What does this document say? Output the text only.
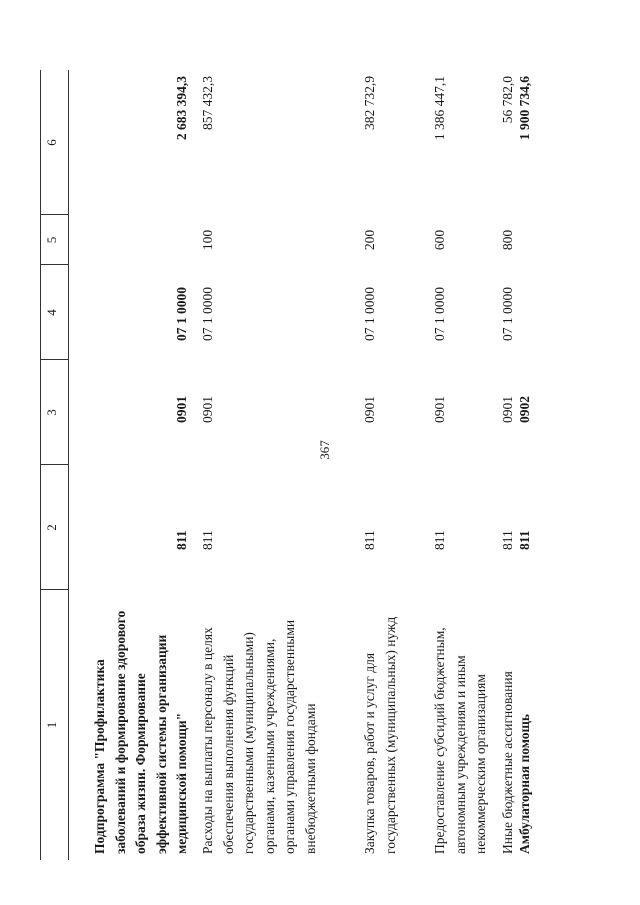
367
1
2
3
4
5
6
Подпрограмма "Профилактика заболеваний и формирование здорового образа жизни. Формирование эффективной системы организации медицинской помощи"
811
0901
07 1 0000
2 683 394,3
Расходы на выплаты персоналу в целях обеспечения выполнения функций государственными (муниципальными) органами, казенными учреждениями, органами управления государственными внебюджетными фондами
811
0901
07 1 0000
100
857 432,3
Закупка товаров, работ и услуг для государственных (муниципальных) нужд
811
0901
07 1 0000
200
382 732,9
Предоставление субсидий бюджетным, автономным учреждениям и иным некоммерческим организациям
811
0901
07 1 0000
600
1 386 447,1
Иные бюджетные ассигнования
811
0901
07 1 0000
800
56 782,0
Амбулаторная помощь
811
0902
1 900 734,6
